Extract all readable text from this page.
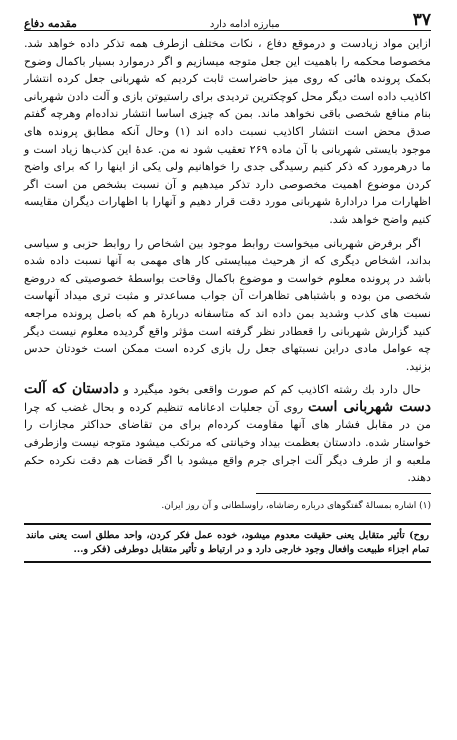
٣٧
مبارزه ادامه دارد
مقدمه دفاع

ازاین مواد زیادست و درموقع دفاع ، نکات مختلف ازطرف همه تذکر داده خواهد شد. مخصوصا محکمه را باهمیت این جعل متوجه میسازیم و اگر درموارد بسیار باکمال وضوح بکمک پرونده هائی که روی میز حاضراست ثابت کردیم که شهربانی جعل کرده انتشار اکاذیب داده است دیگر محل کوچکترین تردیدی برای راستیوتن بازی و آلت دادن شهربانی بنام منافع شخصی باقی نخواهد ماند. بمن که چیزی اساسا انتشار نداده‌ام وهرچه گفتم صدق محض است انتشار اکاذیب نسبت داده اند (۱) وحال آنکه مطابق پرونده های موجود بایستی شهربانی با آن ماده ۲۶۹ تعقیب شود نه من. عدهٔ این کذب‌ها زیاد است و ما درهرمورد که ذکر کنیم رسیدگی جدی را خواهانیم ولی یکی از اینها را که برای واضح کردن موضوع اهمیت مخصوصی دارد تذکر میدهیم و آن نسبت بشخص من است اگر اظهارات مرا درادارهٔ شهربانی مورد دقت قرار دهیم و آنهارا با اظهارات دیگران مقایسه کنیم واضح خواهد شد.

اگر برفرض شهربانی میخواست روابط موجود بین اشخاص را روابط حزبی و سیاسی بداند، اشخاص دیگری که از هرحیث میبایستی کار های مهمی به آنها نسبت داده شده باشد در پرونده معلوم خواست و موضوع باکمال وقاحت بواسطهٔ خصوصیتی که دروضع شخصی من بوده و باشتباهی تظاهرات آن جواب مساعدتر و مثبت تری میداد آنهاست نسبت های کذب وشدید بمن داده اند که متاسفانه دربارهٔ هم که باصل پرونده مراجعه کنید گزارش شهربانی را قعطادر نظر گرفته است مؤثر واقع گردیده معلوم نیست دیگر چه عوامل مادی دراین نسبتهای جعل رل بازی کرده است ممکن است خودتان حدس بزنید.

حال دارد بك رشته اكاذیب کم کم صورت واقعی بخود میگیرد و دادستان که آلت دست شهربانی است روی آن جعلیات ادعانامه تنظیم کرده و بحال غضب که چرا من در مقابل فشار های آنها مقاومت کرده‌ام برای من تقاضای حداکثر مجازات را خواستار شده. دادستان بعظمت بیداد وخیانتی که مرتکب میشود متوجه نیست وازطرفی ملعبه و از طرف دیگر آلت اجرای جرم واقع میشود با اگر قضات هم دقت نکرده حکم دهند.

(۱) اشاره بمسالهٔ گفتگوهای درباره رضاشاه، راوسلطانی و آن روز ایران.

روح) تأثیر متقابل یعنی حقیقت معدوم میشود، خوده عمل فکر کردن، واحد مطلق است یعنی مانند تمام اجزاء طبیعت وافعال وجود خارجی دارد و در ارتباط و تأثیر متقابل دوطرفی (فکر و...
